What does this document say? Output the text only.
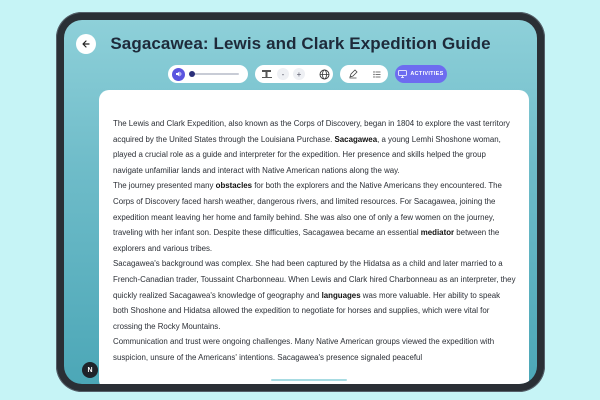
Sagacawea: Lewis and Clark Expedition Guide
-	+	ACTIVITIES

The Lewis and Clark Expedition, also known as the Corps of Discovery, began in 1804 to explore the vast territory acquired by the United States through the Louisiana Purchase. Sacagawea, a young Lemhi Shoshone woman, played a crucial role as a guide and interpreter for the expedition. Her presence and skills helped the group navigate unfamiliar lands and interact with Native American nations along the way.

The journey presented many obstacles for both the explorers and the Native Americans they encountered. The Corps of Discovery faced harsh weather, dangerous rivers, and limited resources. For Sacagawea, joining the expedition meant leaving her home and family behind. She was also one of only a few women on the journey, traveling with her infant son. Despite these difficulties, Sacagawea became an essential mediator between the explorers and various tribes.

Sacagawea's background was complex. She had been captured by the Hidatsa as a child and later married to a French-Canadian trader, Toussaint Charbonneau. When Lewis and Clark hired Charbonneau as an interpreter, they quickly realized Sacagawea's knowledge of geography and languages was more valuable. Her ability to speak both Shoshone and Hidatsa allowed the expedition to negotiate for horses and supplies, which were vital for crossing the Rocky Mountains.

Communication and trust were ongoing challenges. Many Native American groups viewed the expedition with suspicion, unsure of the Americans' intentions. Sacagawea's presence signaled peaceful

N
